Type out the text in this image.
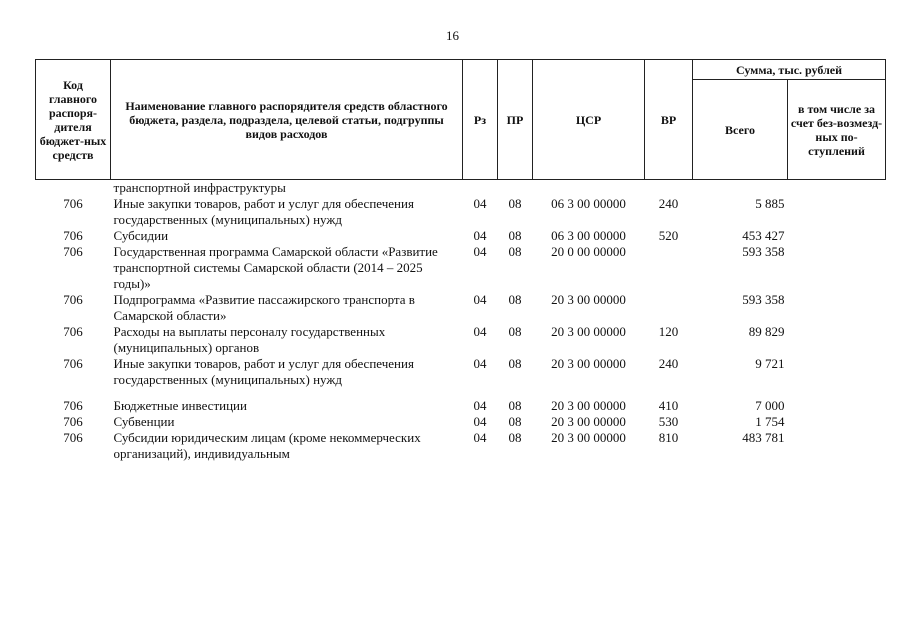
16
Код главного распоря-дителя бюджет-ных средств	Наименование главного распорядителя средств областного бюджета, раздела, подраздела, целевой статьи, подгруппы видов расходов	Рз	ПР	ЦСР	ВР	Сумма, тыс. рублей	
						Всего	в том числе за счет без-возмезд-ных по-ступлений
	транспортной инфраструктуры						
706	Иные закупки товаров, работ и услуг для обеспечения государственных (муниципальных) нужд	04	08	06 3 00 00000	240	5 885	
706	Субсидии	04	08	06 3 00 00000	520	453 427	
706	Государственная программа Самарской области «Развитие транспортной системы Самарской области (2014 – 2025 годы)»	04	08	20 0 00 00000		593 358	
706	Подпрограмма «Развитие пассажирского транспорта в Самарской области»	04	08	20 3 00 00000		593 358	
706	Расходы на выплаты персоналу государственных (муниципальных) органов	04	08	20 3 00 00000	120	89 829	
706	Иные закупки товаров, работ и услуг для обеспечения государственных (муниципальных) нужд	04	08	20 3 00 00000	240	9 721	

706	Бюджетные инвестиции	04	08	20 3 00 00000	410	7 000	
706	Субвенции	04	08	20 3 00 00000	530	1 754	
706	Субсидии юридическим лицам (кроме некоммерческих организаций), индивидуальным	04	08	20 3 00 00000	810	483 781	
